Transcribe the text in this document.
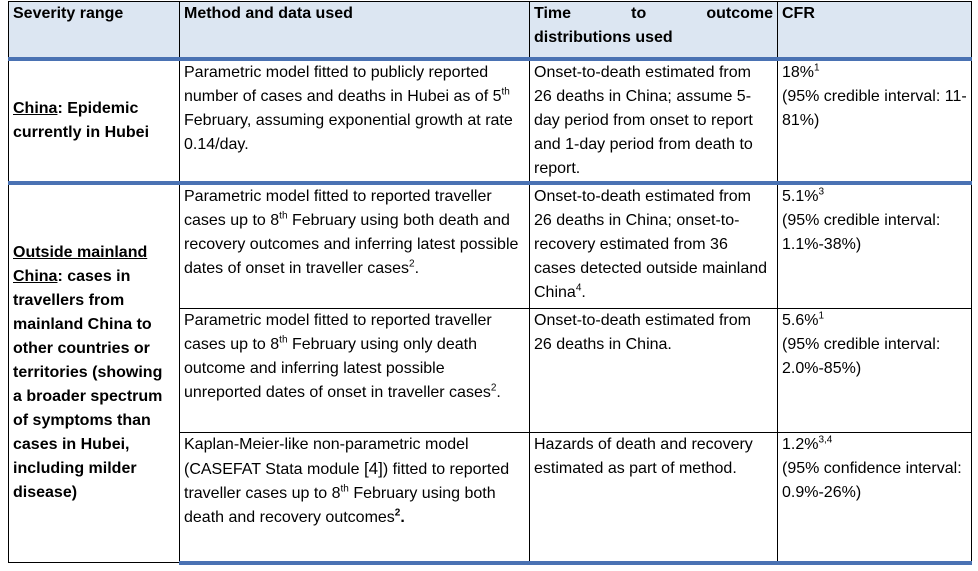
Severity range	Method and data used	Time to outcome
distributions used	CFR
China: Epidemic currently in Hubei	Parametric model fitted to publicly reported number of cases and deaths in Hubei as of 5th February, assuming exponential growth at rate 0.14/day.	Onset-to-death estimated from 26 deaths in China; assume 5-day period from onset to report and 1-day period from death to report.	18%$^1$
(95% credible interval: 11-81%)
Outside mainland China: cases in travellers from mainland China to other countries or territories (showing a broader spectrum of symptoms than cases in Hubei, including milder disease)	Parametric model fitted to reported traveller cases up to 8th February using both death and recovery outcomes and inferring latest possible dates of onset in traveller cases$^2$.	Onset-to-death estimated from 26 deaths in China; onset-to-recovery estimated from 36 cases detected outside mainland China$^4$.	5.1%$^3$
(95% credible interval: 1.1%-38%)
	Parametric model fitted to reported traveller cases up to 8th February using only death outcome and inferring latest possible unreported dates of onset in traveller cases$^2$.	Onset-to-death estimated from 26 deaths in China.	5.6%$^1$
(95% credible interval: 2.0%-85%)
	Kaplan-Meier-like non-parametric model (CASEFAT Stata module [4]) fitted to reported traveller cases up to 8th February using both death and recovery outcomes$^2$.	Hazards of death and recovery estimated as part of method.	1.2%$^{3,4}$
(95% confidence interval: 0.9%-26%)
